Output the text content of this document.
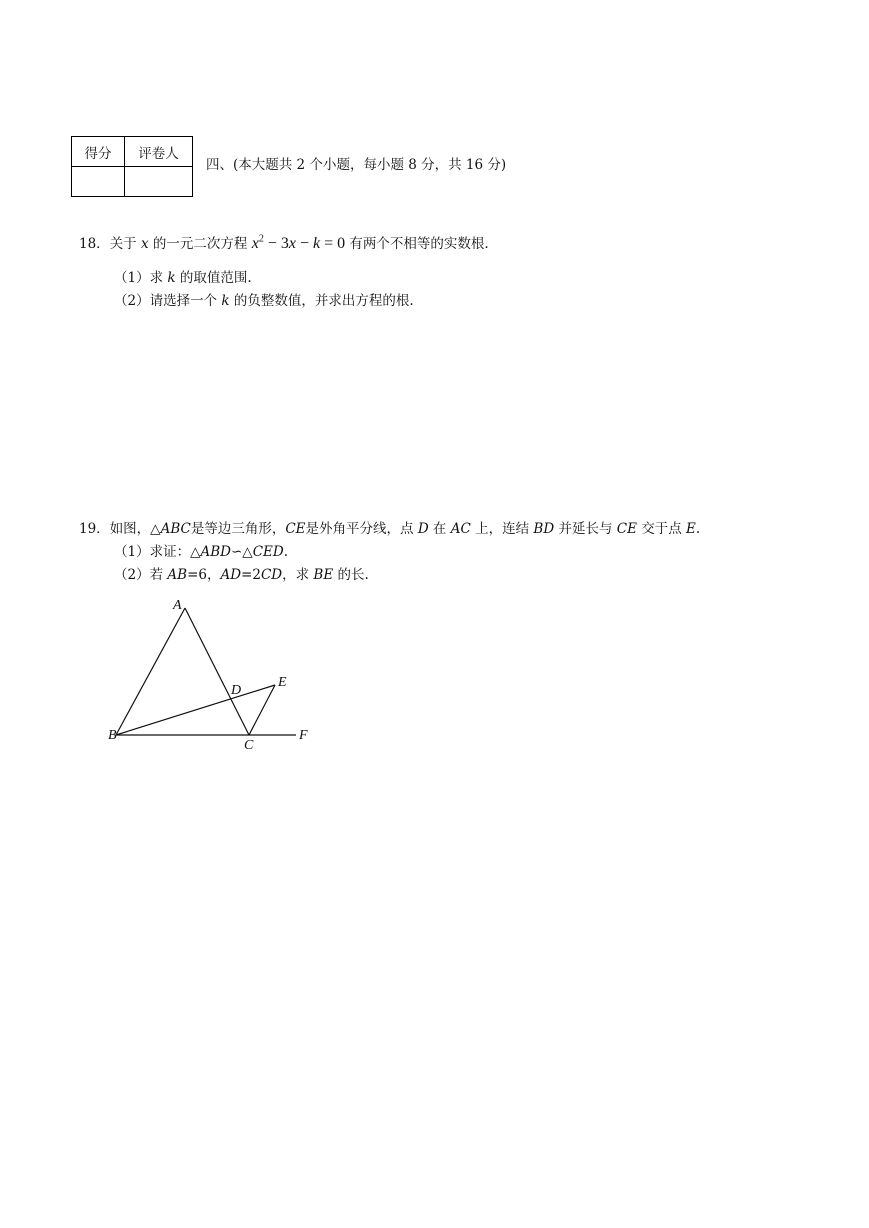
得分	评卷人

四、(本大题共 2 个小题，每小题 8 分，共 16 分)
18．关于 x 的一元二次方程 $x^2 - 3x - k = 0$ 有两个不相等的实数根.
（1）求 k 的取值范围.
（2）请选择一个 k 的负整数值，并求出方程的根.
19．如图，△ABC是等边三角形，CE是外角平分线，点 D 在 AC 上，连结 BD 并延长与 CE 交于点 E.
（1）求证：△ABD∽△CED.
（2）若 AB=6，AD=2CD，求 BE 的长.
A
B
C
D
E
F
